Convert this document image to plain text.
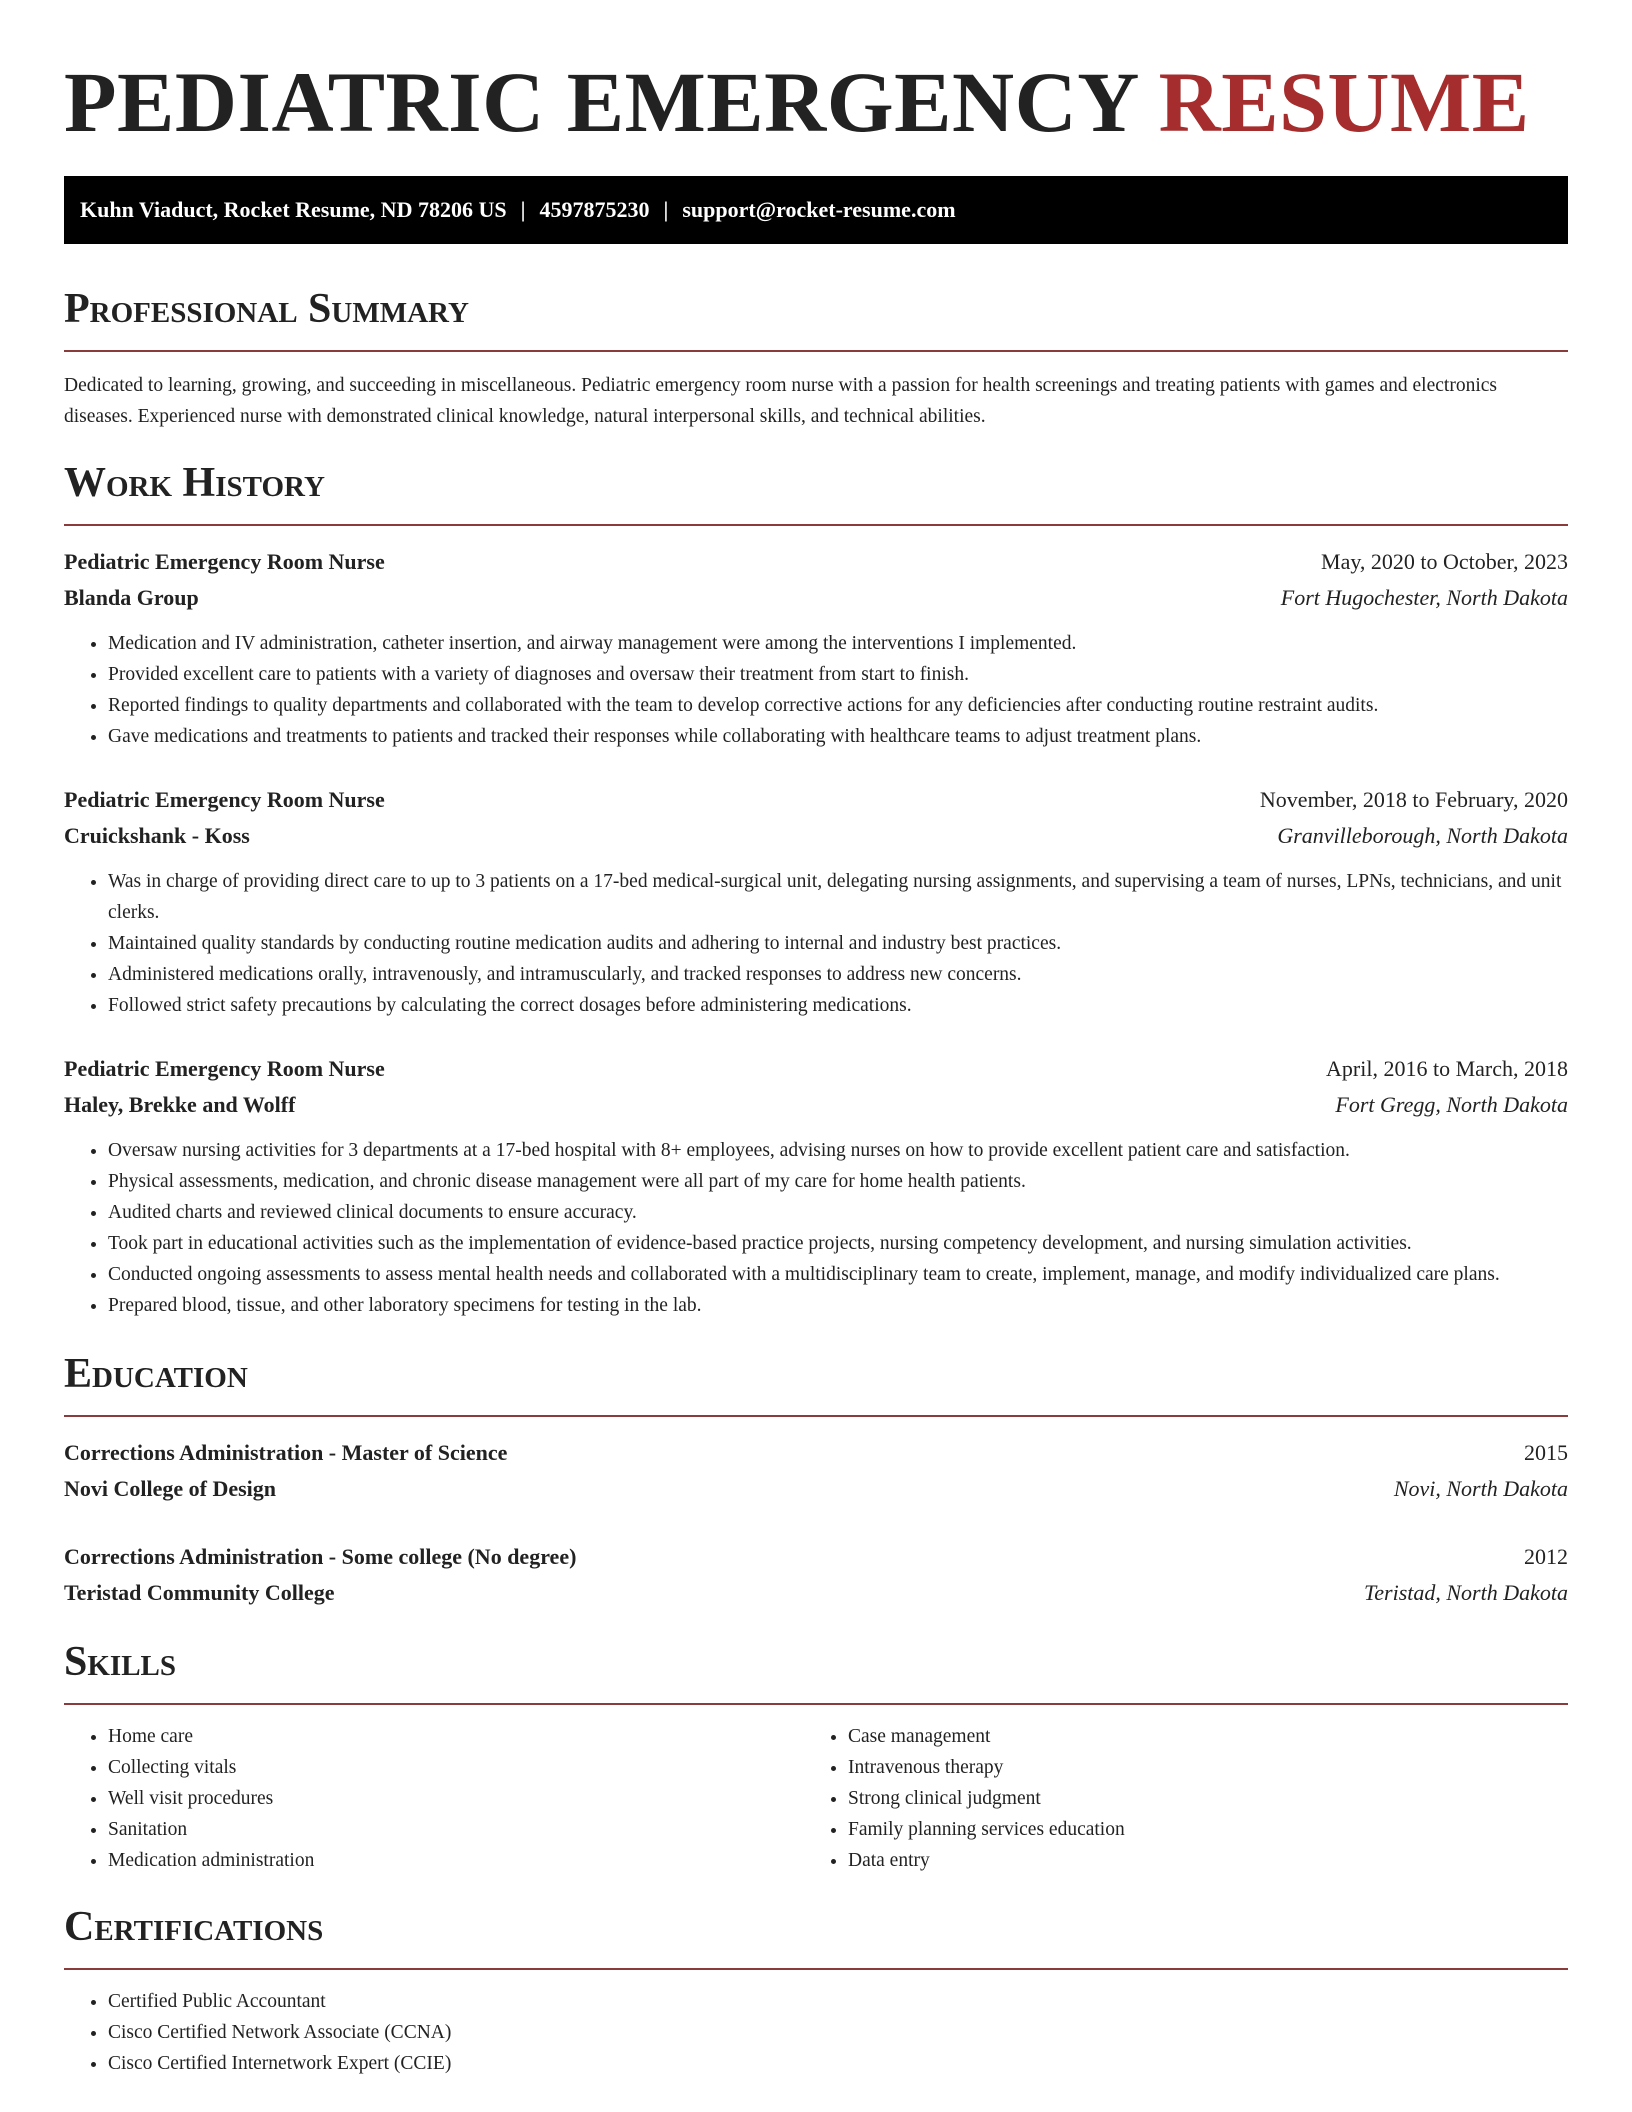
PEDIATRIC EMERGENCY RESUME
Kuhn Viaduct, Rocket Resume, ND 78206 US | 4597875230 | support@rocket-resume.com
Professional Summary

Dedicated to learning, growing, and succeeding in miscellaneous. Pediatric emergency room nurse with a passion for health screenings and treating patients with games and electronics diseases. Experienced nurse with demonstrated clinical knowledge, natural interpersonal skills, and technical abilities.

Work History
Pediatric Emergency Room Nurse	May, 2020 to October, 2023
Blanda Group	Fort Hugochester, North Dakota
• Medication and IV administration, catheter insertion, and airway management were among the interventions I implemented.
• Provided excellent care to patients with a variety of diagnoses and oversaw their treatment from start to finish.
• Reported findings to quality departments and collaborated with the team to develop corrective actions for any deficiencies after conducting routine restraint audits.
• Gave medications and treatments to patients and tracked their responses while collaborating with healthcare teams to adjust treatment plans.
Pediatric Emergency Room Nurse	November, 2018 to February, 2020
Cruickshank - Koss	Granvilleborough, North Dakota
• Was in charge of providing direct care to up to 3 patients on a 17-bed medical-surgical unit, delegating nursing assignments, and supervising a team of nurses, LPNs, technicians, and unit clerks.
• Maintained quality standards by conducting routine medication audits and adhering to internal and industry best practices.
• Administered medications orally, intravenously, and intramuscularly, and tracked responses to address new concerns.
• Followed strict safety precautions by calculating the correct dosages before administering medications.
Pediatric Emergency Room Nurse	April, 2016 to March, 2018
Haley, Brekke and Wolff	Fort Gregg, North Dakota
• Oversaw nursing activities for 3 departments at a 17-bed hospital with 8+ employees, advising nurses on how to provide excellent patient care and satisfaction.
• Physical assessments, medication, and chronic disease management were all part of my care for home health patients.
• Audited charts and reviewed clinical documents to ensure accuracy.
• Took part in educational activities such as the implementation of evidence-based practice projects, nursing competency development, and nursing simulation activities.
• Conducted ongoing assessments to assess mental health needs and collaborated with a multidisciplinary team to create, implement, manage, and modify individualized care plans.
• Prepared blood, tissue, and other laboratory specimens for testing in the lab.
Education
Corrections Administration - Master of Science	2015
Novi College of Design	Novi, North Dakota
Corrections Administration - Some college (No degree)	2012
Teristad Community College	Teristad, North Dakota
Skills
• Home care
• Collecting vitals
• Well visit procedures
• Sanitation
• Medication administration
• Case management
• Intravenous therapy
• Strong clinical judgment
• Family planning services education
• Data entry
Certifications
• Certified Public Accountant
• Cisco Certified Network Associate (CCNA)
• Cisco Certified Internetwork Expert (CCIE)
